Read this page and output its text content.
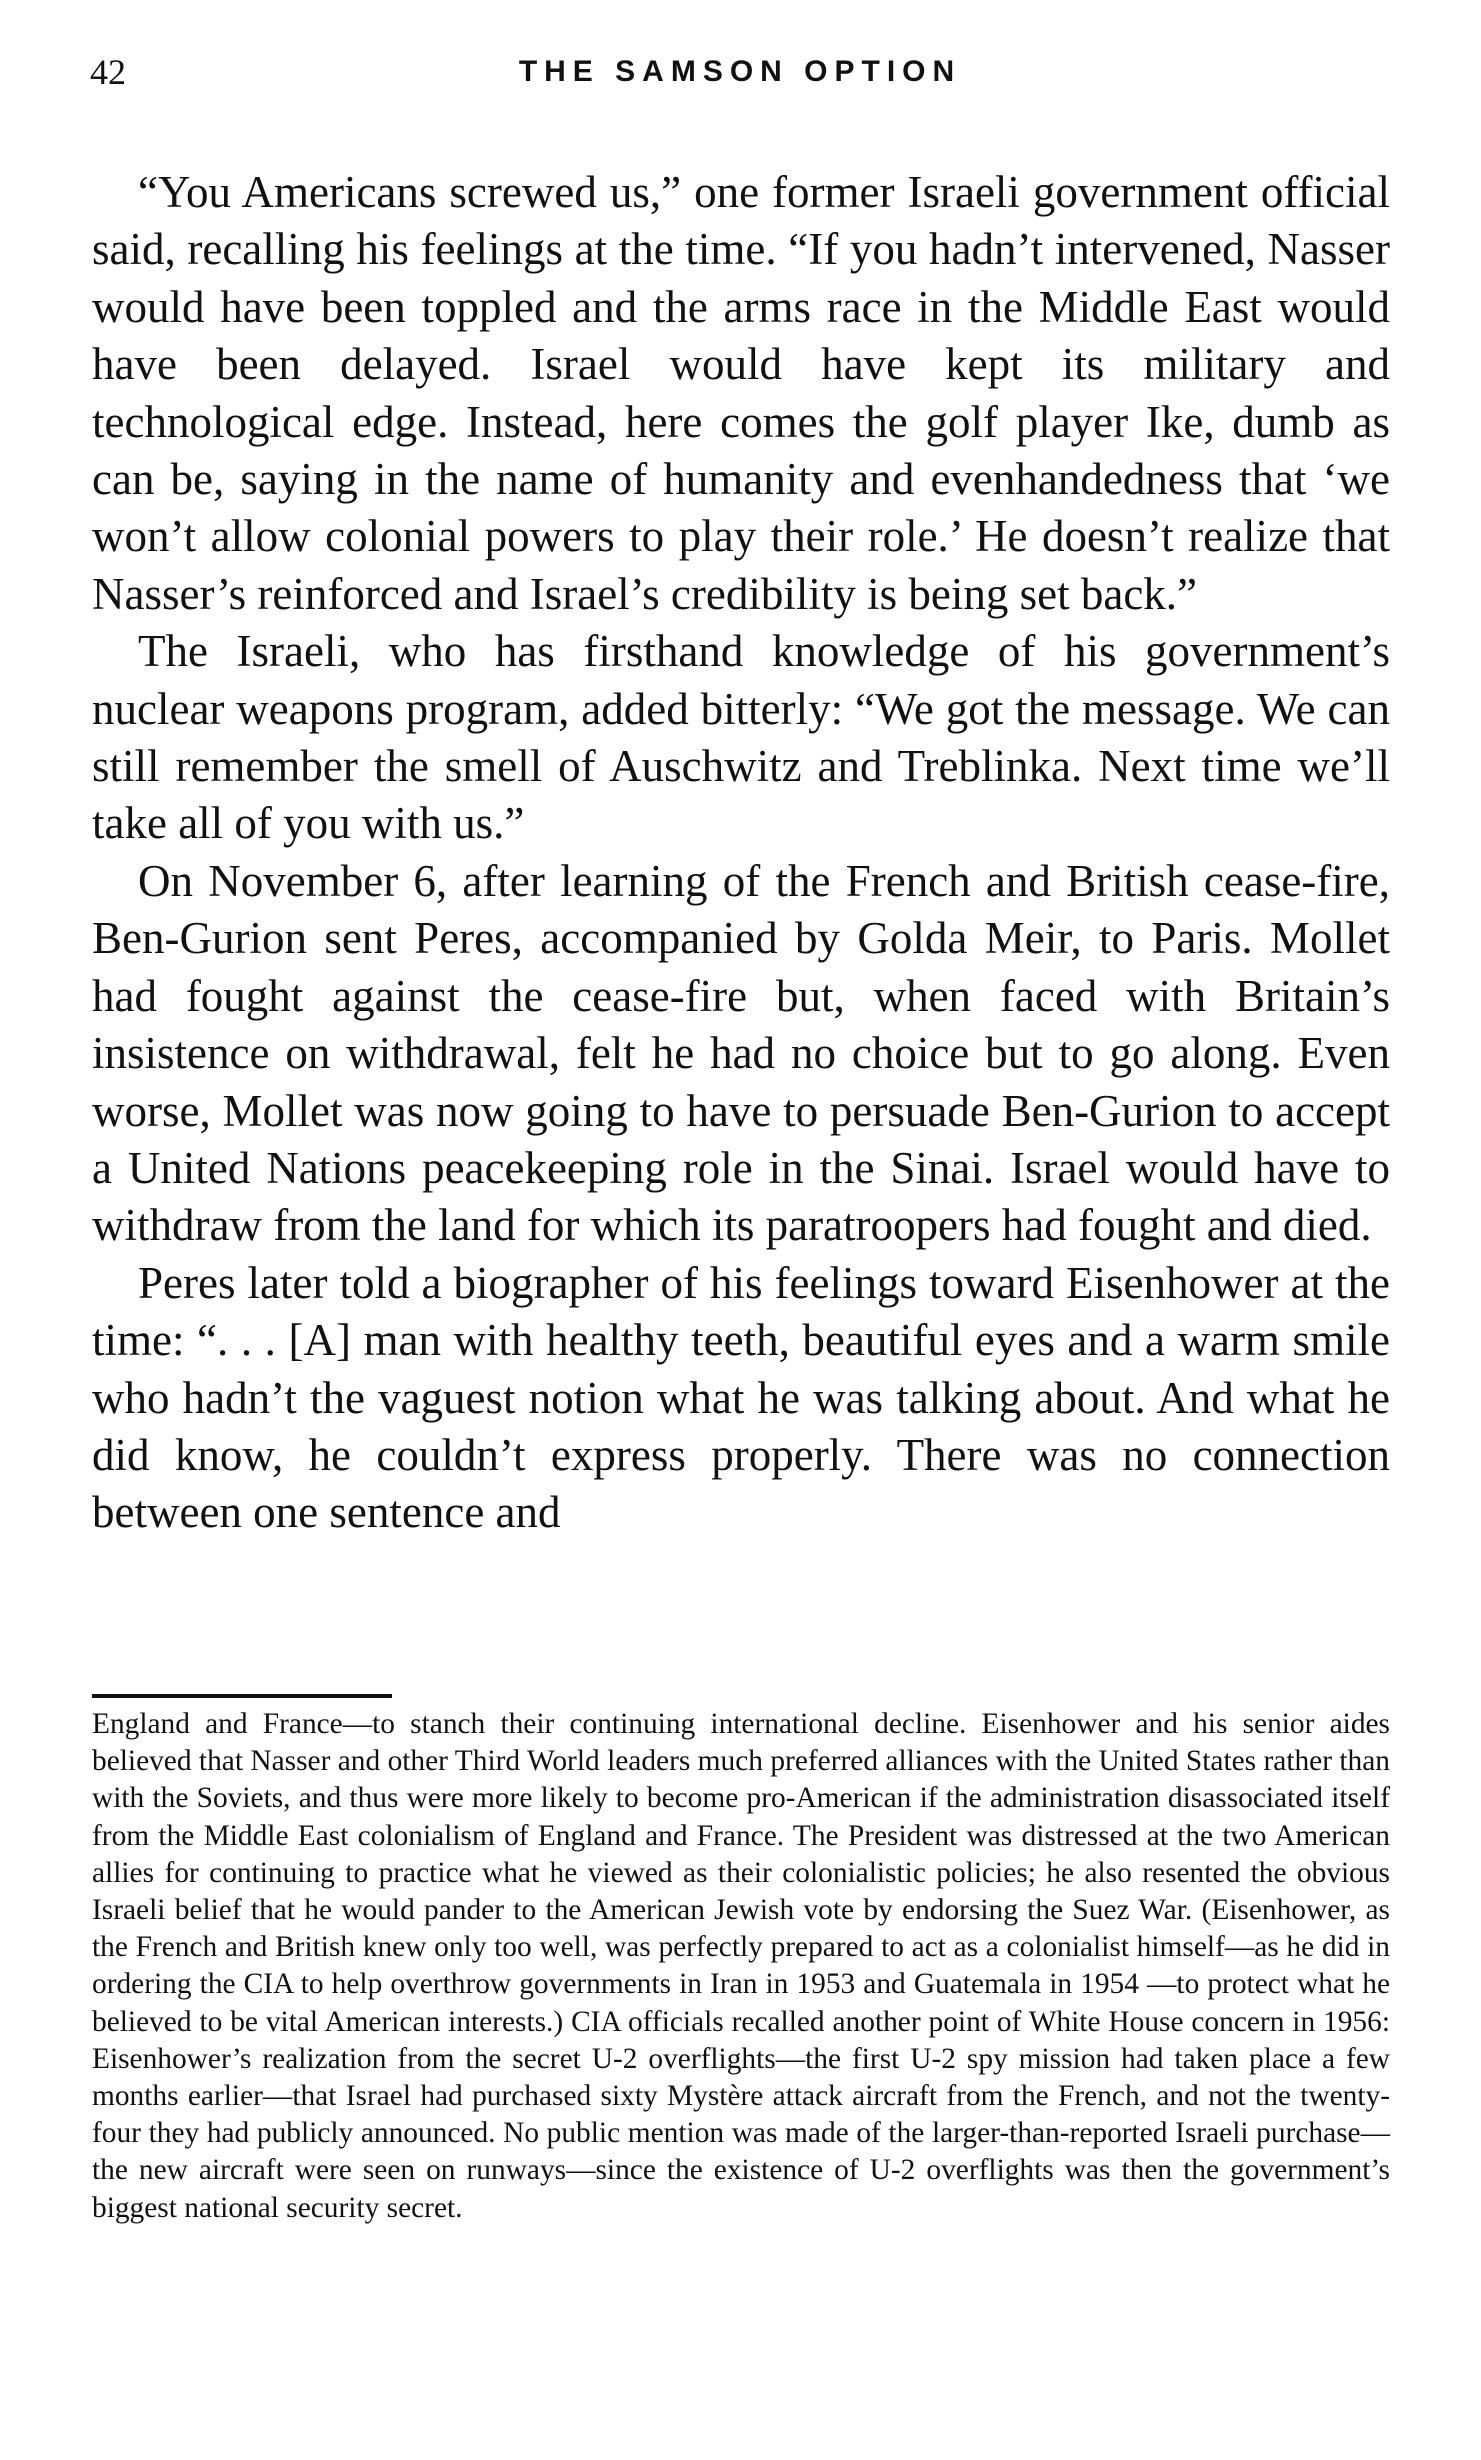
42	THE SAMSON OPTION

“You Americans screwed us,” one former Israeli government official said, recalling his feelings at the time. “If you hadn’t intervened, Nasser would have been toppled and the arms race in the Middle East would have been delayed. Israel would have kept its military and technological edge. Instead, here comes the golf player Ike, dumb as can be, saying in the name of humanity and evenhandedness that ‘we won’t allow colonial powers to play their role.’ He doesn’t realize that Nasser’s reinforced and Israel’s credibility is being set back.”

The Israeli, who has firsthand knowledge of his government’s nuclear weapons program, added bitterly: “We got the message. We can still remember the smell of Auschwitz and Treblinka. Next time we’ll take all of you with us.”

On November 6, after learning of the French and British cease-fire, Ben-Gurion sent Peres, accompanied by Golda Meir, to Paris. Mollet had fought against the cease-fire but, when faced with Britain’s insistence on withdrawal, felt he had no choice but to go along. Even worse, Mollet was now going to have to persuade Ben-Gurion to accept a United Nations peacekeeping role in the Sinai. Israel would have to withdraw from the land for which its paratroopers had fought and died.

Peres later told a biographer of his feelings toward Eisenhower at the time: “. . . [A] man with healthy teeth, beautiful eyes and a warm smile who hadn’t the vaguest notion what he was talking about. And what he did know, he couldn’t express properly. There was no connection between one sentence and

England and France—to stanch their continuing international decline. Eisenhower and his senior aides believed that Nasser and other Third World leaders much preferred alliances with the United States rather than with the Soviets, and thus were more likely to become pro-American if the administration disassociated itself from the Middle East colonialism of England and France. The President was distressed at the two American allies for continuing to practice what he viewed as their colonialistic policies; he also resented the obvious Israeli belief that he would pander to the American Jewish vote by endorsing the Suez War. (Eisenhower, as the French and British knew only too well, was perfectly prepared to act as a colonialist himself—as he did in ordering the CIA to help overthrow governments in Iran in 1953 and Guatemala in 1954 —to protect what he believed to be vital American interests.) CIA officials recalled another point of White House concern in 1956: Eisenhower’s realization from the secret U-2 overflights—the first U-2 spy mission had taken place a few months earlier—that Israel had purchased sixty Mystère attack aircraft from the French, and not the twenty-four they had publicly announced. No public mention was made of the larger-than-reported Israeli purchase—the new aircraft were seen on runways—since the existence of U-2 overflights was then the government’s biggest national security secret.
